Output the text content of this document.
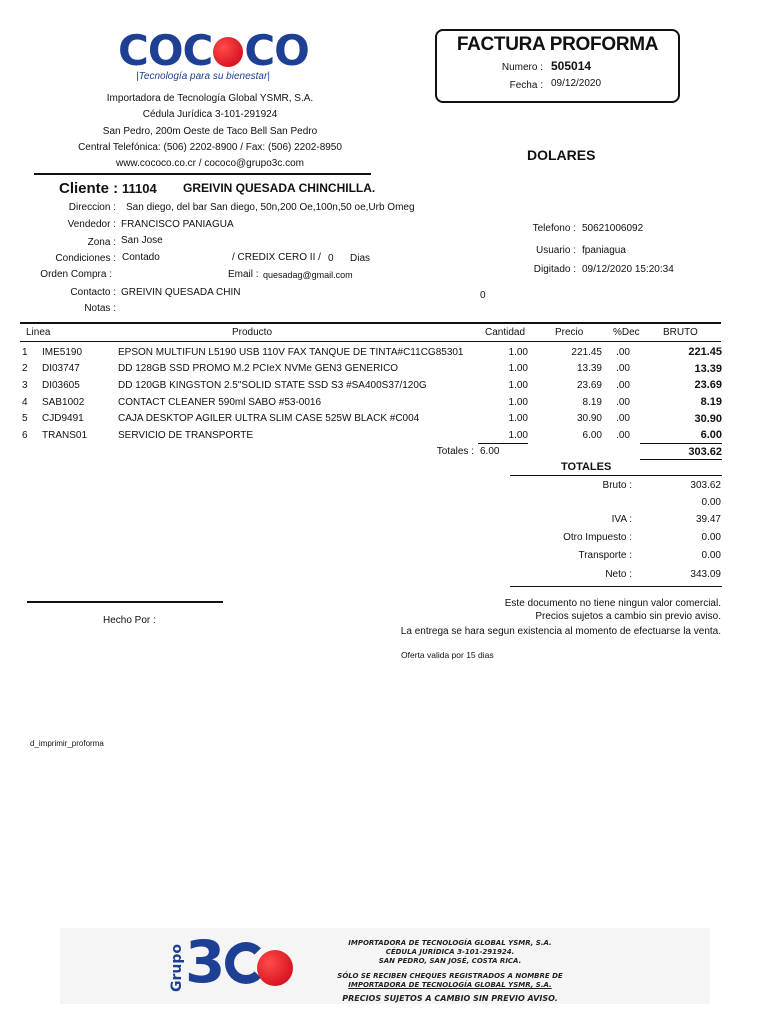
COC CO
|Tecnología para su bienestar|
Importadora de Tecnología Global YSMR, S.A.
Cédula Jurídica 3-101-291924
San Pedro, 200m Oeste de Taco Bell San Pedro
Central Telefónica: (506) 2202-8900 / Fax: (506) 2202-8950
www.cococo.co.cr / cococo@grupo3c.com
FACTURA PROFORMA
Numero : 505014
Fecha : 09/12/2020
DOLARES
Cliente : 11104 GREIVIN QUESADA CHINCHILLA.
Direccion : San diego, del bar San diego, 50n,200 Oe,100n,50 oe,Urb Omeg
Vendedor : FRANCISCO PANIAGUA
Zona : San Jose
Condiciones : Contado	/ CREDIX CERO II / 0 Dias
Orden Compra :	Email : quesadag@gmail.com
Contacto : GREIVIN QUESADA CHIN	0
Notas :
Telefono : 50621006092
Usuario : fpaniagua
Digitado : 09/12/2020 15:20:34
Linea	Producto	Cantidad	Precio	%Dec BRUTO
1	IME5190	EPSON MULTIFUN L5190 USB 110V FAX TANQUE DE TINTA#C11CG85301	1.00	221.45	.00	221.45
2	DI03747	DD 128GB SSD PROMO M.2 PCIeX NVMe GEN3 GENERICO	1.00	13.39	.00	13.39
3	DI03605	DD 120GB KINGSTON 2.5"SOLID STATE SSD S3 #SA400S37/120G	1.00	23.69	.00	23.69
4	SAB1002	CONTACT CLEANER 590ml SABO #53-0016	1.00	8.19	.00	8.19
5	CJD9491	CAJA DESKTOP AGILER ULTRA SLIM CASE 525W BLACK #C004	1.00	30.90	.00	30.90
6	TRANS01	SERVICIO DE TRANSPORTE	1.00	6.00	.00	6.00
Totales : 6.00	303.62
TOTALES
Bruto :	303.62
0.00
IVA :	39.47
Otro Impuesto :	0.00
Transporte :	0.00
Neto :	343.09
Hecho Por :
Este documento no tiene ningun valor comercial.
Precios sujetos a cambio sin previo aviso.
La entrega se hara segun existencia al momento de efectuarse la venta.
Oferta valida por 15 dias
d_imprimir_proforma
Grupo 3	IMPORTADORA DE TECNOLOGÍA GLOBAL YSMR, S.A.
CÉDULA JURÍDICA 3-101-291924.
SAN PEDRO, SAN JOSÉ, COSTA RICA.
SÓLO SE RECIBEN CHEQUES REGISTRADOS A NOMBRE DE
IMPORTADORA DE TECNOLOGÍA GLOBAL YSMR, S.A.
PRECIOS SUJETOS A CAMBIO SIN PREVIO AVISO.
